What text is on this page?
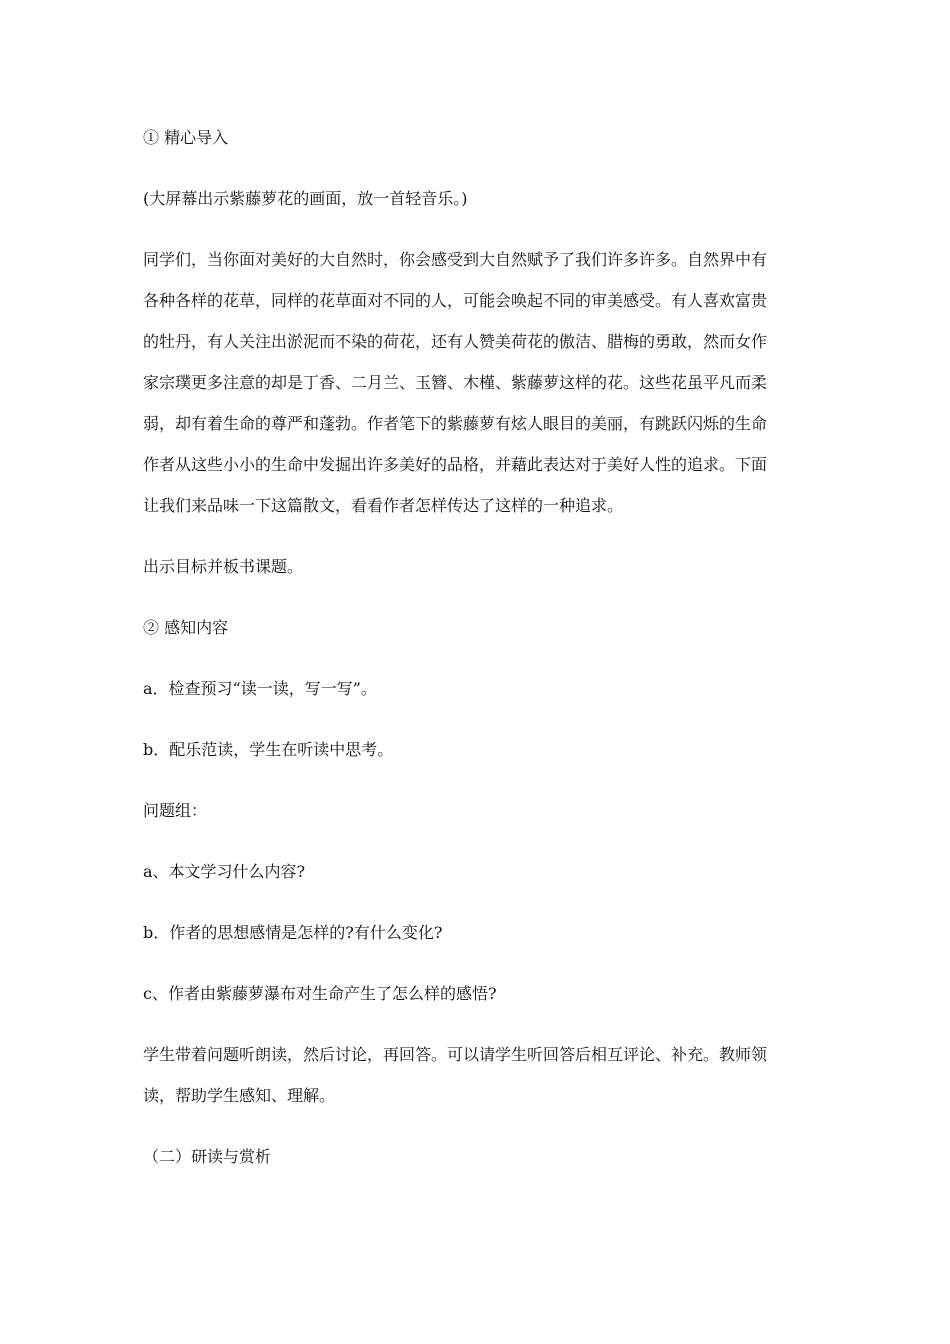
① 精心导入
(大屏幕出示紫藤萝花的画面，放一首轻音乐。)
同学们，当你面对美好的大自然时，你会感受到大自然赋予了我们许多许多。自然界中有
各种各样的花草，同样的花草面对不同的人，可能会唤起不同的审美感受。有人喜欢富贵
的牡丹，有人关注出淤泥而不染的荷花，还有人赞美荷花的傲洁、腊梅的勇敢，然而女作
家宗璞更多注意的却是丁香、二月兰、玉簪、木槿、紫藤萝这样的花。这些花虽平凡而柔
弱，却有着生命的尊严和蓬勃。作者笔下的紫藤萝有炫人眼目的美丽，有跳跃闪烁的生命
作者从这些小小的生命中发掘出许多美好的品格，并藉此表达对于美好人性的追求。下面
让我们来品味一下这篇散文，看看作者怎样传达了这样的一种追求。
出示目标并板书课题。
② 感知内容
a．检查预习“读一读，写一写”。
b．配乐范读，学生在听读中思考。
问题组：
a、本文学习什么内容?
b．作者的思想感情是怎样的?有什么变化?
c、作者由紫藤萝瀑布对生命产生了怎么样的感悟?
学生带着问题听朗读，然后讨论，再回答。可以请学生听回答后相互评论、补充。教师领
读，帮助学生感知、理解。
（二）研读与赏析
